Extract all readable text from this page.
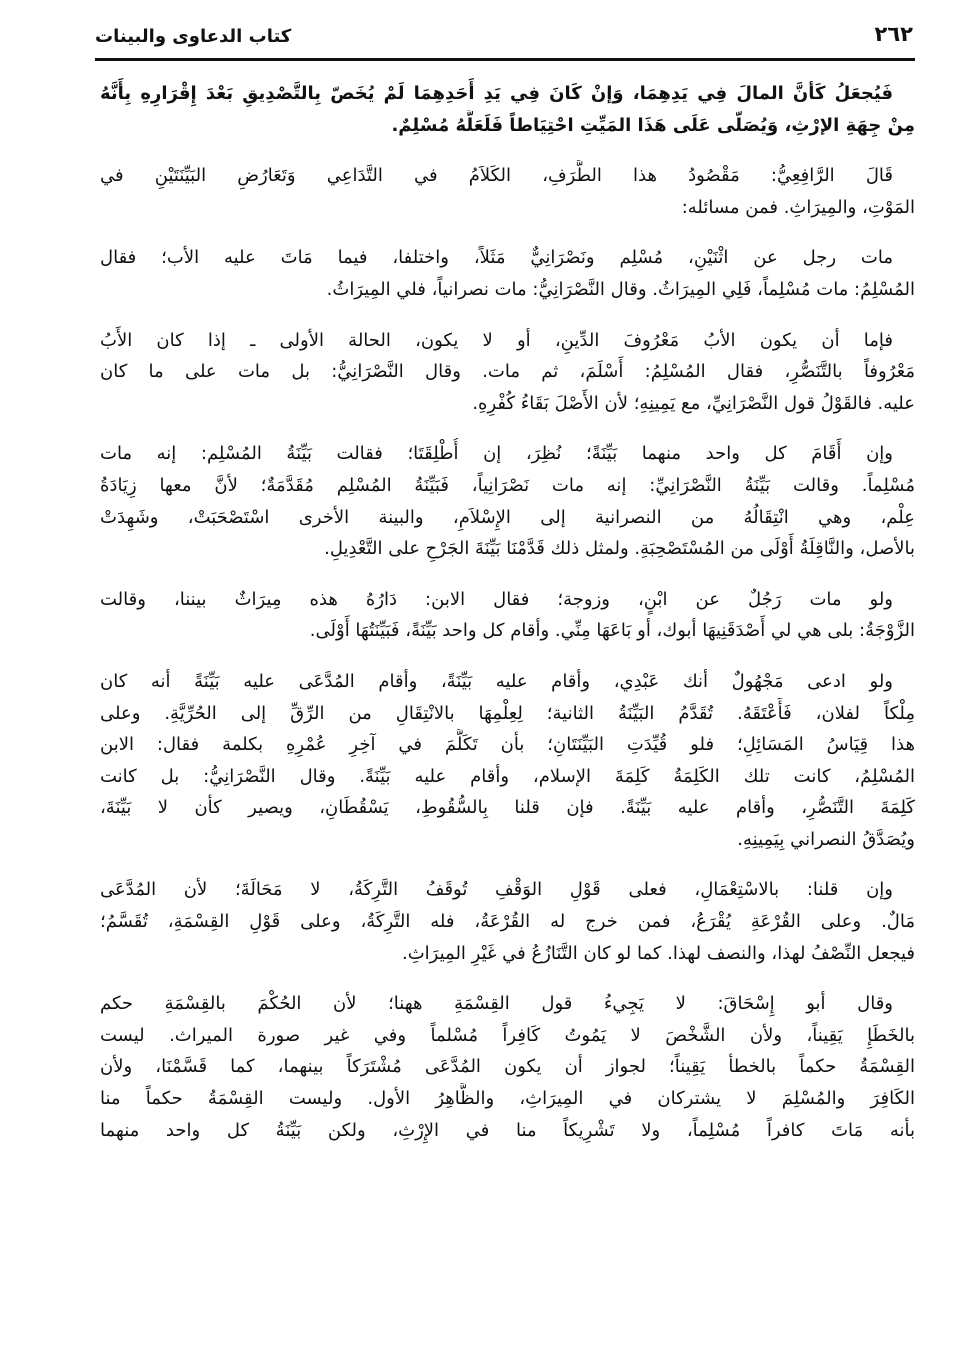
٢٦٢
كتاب الدعاوى والبينات
فَيُجعَلُ كَأنَّ المالَ فِي يَدِهِمَا، وَإنْ كَانَ فِي يَدِ أَحَدِهِمَا لَمْ يُخَصّ بِالتَّصْدِيقِ بَعْدَ إِقْرَارِهِ بِأَنَّهُ
مِنْ جِهَةِ الإرْثِ، وَيُصَلّى عَلَى هَذَا المَيِّتِ احْتِيَاطاً فَلَعَلَّهُ مُسْلِمٌ.
قَالَ الرَّافِعِيُّ: مَقْصُودُ هذا الطَّرَفِ، الكَلاَمُ في التَّدَاعِي وَتَعَارُضِ البَيِّنَتَيْنِ في
المَوْتِ، والمِيرَاثِ. فمن مسائله:
مات رجل عن اثْنَيْنِ، مُسْلِم ونَصْرَانِيٌّ مَثَلاً، واختلفا، فيما مَاتَ عليه الأب؛ فقال
المُسْلِمُ: مات مُسْلِماً، فَلِي المِيرَاثُ. وقال النَّصْرَانِيُّ: مات نصرانياً، فلي المِيرَاثُ.
فإما أن يكون الأبُ مَعْرُوفَ الدِّينِ، أو لا يكون، الحالة الأولى ـ إذا كان الأَبُ
مَعْرُوفاً بالتَّنَصُّرِ، فقال المُسْلِمُ: أَسْلَمَ، ثم مات. وقال النَّصْرَانِيُّ: بل مات على ما كان
عليه. فالقَوْلُ قول النَّصْرَانِيِّ، مع يَمِينِهِ؛ لأن الأَصْلَ بَقَاءُ كُفْرِهِ.
وإن أَقَامَ كل واحد منهما بَيِّنَةً؛ نُظِرَ، إن أُطْلِقَتَا؛ فقالت بَيِّنَةُ المُسْلِم: إنه مات
مُسْلِماً. وقالت بَيِّنَةُ النَّصْرَانِيِّ: إنه مات نَصْرَانِياً، فَبَيِّنَةُ المُسْلِم مُقَدَّمَةٌ؛ لأنَّ معها زِيَادَةُ
عِلْم، وهي انْتِقَالُهُ من النصرانية إلى الإِسْلاَمِ، والبينة الأخرى اسْتَصْحَبَتْ، وشَهِدَتْ
بالأصل، والنَّاقِلَةُ أَوْلَى من المُسْتَصْحِبَةِ. ولمثل ذلك قَدَّمْنَا بَيِّنَةَ الجَرْحِ على التَّعْدِيلِ.
ولو مات رَجُلٌ عن ابْنٍ، وزوجة؛ فقال الابن: دَارُهُ هذه مِيرَاثٌ بيننا، وقالت
الزَّوْجَةُ: بلى هي لي أَصْدَقَنِيهَا أبوك، أو بَاعَهَا مِنِّي. وأقام كل واحد بَيِّنَةً، فَبَيِّنَتُهَا أَوْلَى.
ولو ادعى مَجْهُولٌ أنك عَبْدِي، وأقام عليه بَيِّنَةً، وأقام المُدَّعَى عليه بَيِّنَةً أنه كان
مِلْكاً لفلان، فَأَعْتَقَهُ. تُقَدَّمُ البَيِّنَةُ الثانية؛ لِعِلْمِهَا بالانْتِقَالِ من الرِّقِّ إلى الحُرِّيَّةِ. وعلى
هذا قِيَاسُ المَسَائِلِ؛ فلو قُيِّدَتِ البَيِّنَتَانِ؛ بأن تَكَلَّمَ في آخِرِ عُمْرِهِ بكلمة فقال: الابن
المُسْلِمُ، كانت تلك الكَلِمَةُ كَلِمَةَ الإسلام، وأقام عليه بَيِّنَةً. وقال النَّصْرَانِيُّ: بل كانت
كَلِمَةَ التَّنَصُّرِ، وأقام عليه بَيِّنَةً. فإن قلنا بِالسُّقُوطِ، يَسْقُطَانِ، ويصير كأن لا بَيِّنَةَ،
ويُصَدَّقُ النصراني بِيَمِينِهِ.
وإن قلنا: بالاسْتِعْمَالِ، فعلى قَوْلِ الوَقْفِ تُوقَفُ التَّرِكَةُ، لا مَحَالَةَ؛ لأن المُدَّعَى
مَالٌ. وعلى القُرْعَةِ يُقْرَعُ، فمن خرج له القُرْعَةُ، فله التَّرِكَةُ، وعلى قَوْلِ القِسْمَةِ، تُقَسَّمُ؛
فيجعل النِّصْفُ لهذا، والنصف لهذا. كما لو كان التَّنَازُعُ في غَيْرِ المِيرَاثِ.
وقال أبو إِسْحَاقَ: لا يَجِيءُ قول القِسْمَةِ ههنا؛ لأن الحُكْمَ بالقِسْمَةِ حكم
بالخَطَإِ يَقِيناً، ولأن الشَّخْصَ لا يَمُوتُ كَافِراً مُسْلماً وفي غير صورة الميراث. ليست
القِسْمَةُ حكماً بالخطأ يَقِيناً؛ لجواز أن يكون المُدَّعَى مُشْتَرَكاً بينهما، كما قَسَّمْنَا، ولأن
الكَافِرَ والمُسْلِمَ لا يشتركان في المِيرَاثِ، والظَّاهِرُ الأول. وليست القِسْمَةُ حكماً منا
بأنه مَاتَ كافراً مُسْلِماً، ولا تَشْرِيكاً منا في الإِرْثِ، ولكن بَيِّنَةُ كل واحد منهما
